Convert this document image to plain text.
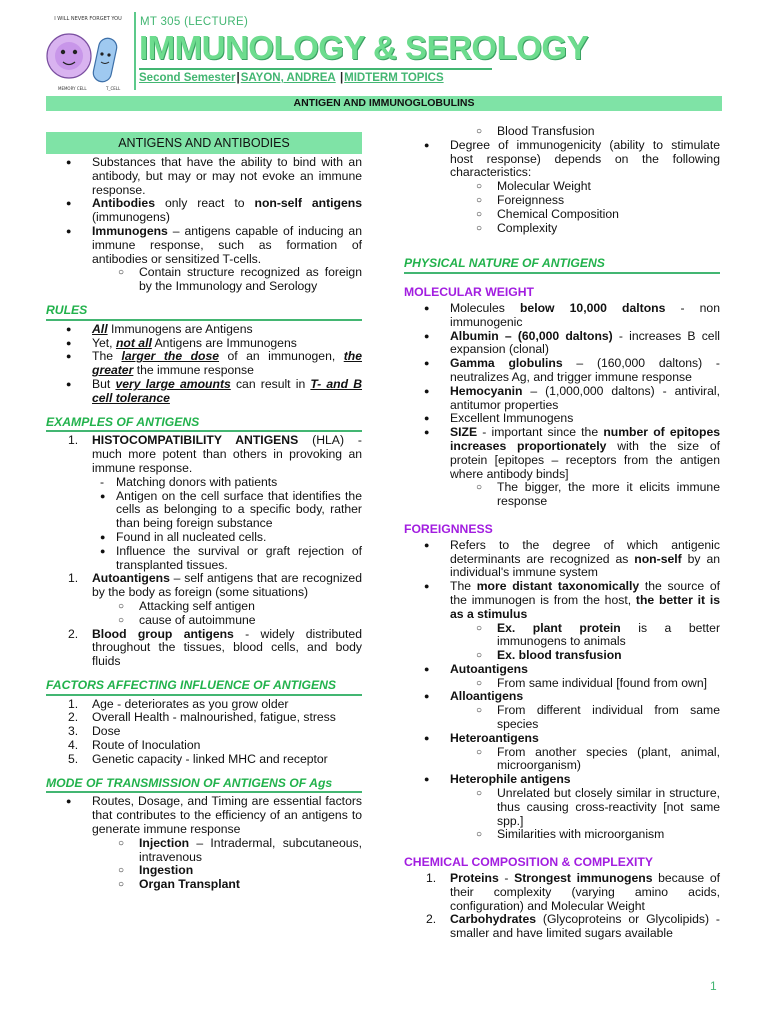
I WILL NEVER FORGET YOU
MEMORY CELL	T_CELL
MT 305 (LECTURE)
IMMUNOLOGY & SEROLOGY
Second Semester|SAYON, ANDREA |MIDTERM TOPICS
ANTIGEN AND IMMUNOGLOBULINS
ANTIGENS AND ANTIBODIES
● Substances that have the ability to bind with an antibody, but may or may not evoke an immune response.
● Antibodies only react to non-self antigens (immunogens)
● Immunogens – antigens capable of inducing an immune response, such as formation of antibodies or sensitized T-cells.
○ Contain structure recognized as foreign by the Immunology and Serology
RULES
● All Immunogens are Antigens
● Yet, not all Antigens are Immunogens
● The larger the dose of an immunogen, the greater the immune response
● But very large amounts can result in T- and B cell tolerance
EXAMPLES OF ANTIGENS
1. HISTOCOMPATIBILITY ANTIGENS (HLA) - much more potent than others in provoking an immune response.
- Matching donors with patients
● Antigen on the cell surface that identifies the cells as belonging to a specific body, rather than being foreign substance
● Found in all nucleated cells.
● Influence the survival or graft rejection of transplanted tissues.
1. Autoantigens – self antigens that are recognized by the body as foreign (some situations)
○ Attacking self antigen
○ cause of autoimmune
2. Blood group antigens - widely distributed throughout the tissues, blood cells, and body fluids
FACTORS AFFECTING INFLUENCE OF ANTIGENS
1. Age - deteriorates as you grow older
2. Overall Health - malnourished, fatigue, stress
3. Dose
4. Route of Inoculation
5. Genetic capacity - linked MHC and receptor
MODE OF TRANSMISSION OF ANTIGENS OF Ags
● Routes, Dosage, and Timing are essential factors that contributes to the efficiency of an antigens to generate immune response
○ Injection – Intradermal, subcutaneous, intravenous
○ Ingestion
○ Organ Transplant
○ Blood Transfusion
● Degree of immunogenicity (ability to stimulate host response) depends on the following characteristics:
○ Molecular Weight
○ Foreignness
○ Chemical Composition
○ Complexity
PHYSICAL NATURE OF ANTIGENS
MOLECULAR WEIGHT
● Molecules below 10,000 daltons - non immunogenic
● Albumin – (60,000 daltons) - increases B cell expansion (clonal)
● Gamma globulins – (160,000 daltons) - neutralizes Ag, and trigger immune response
● Hemocyanin – (1,000,000 daltons) - antiviral, antitumor properties
● Excellent Immunogens
● SIZE - important since the number of epitopes increases proportionately with the size of protein [epitopes – receptors from the antigen where antibody binds]
○ The bigger, the more it elicits immune response
FOREIGNNESS
● Refers to the degree of which antigenic determinants are recognized as non-self by an individual's immune system
● The more distant taxonomically the source of the immunogen is from the host, the better it is as a stimulus
○ Ex. plant protein is a better immunogens to animals
○ Ex. blood transfusion
● Autoantigens
○ From same individual [found from own]
● Alloantigens
○ From different individual from same species
● Heteroantigens
○ From another species (plant, animal, microorganism)
● Heterophile antigens
○ Unrelated but closely similar in structure, thus causing cross-reactivity [not same spp.]
○ Similarities with microorganism
CHEMICAL COMPOSITION & COMPLEXITY
1. Proteins - Strongest immunogens because of their complexity (varying amino acids, configuration) and Molecular Weight
2. Carbohydrates (Glycoproteins or Glycolipids) - smaller and have limited sugars available
1
